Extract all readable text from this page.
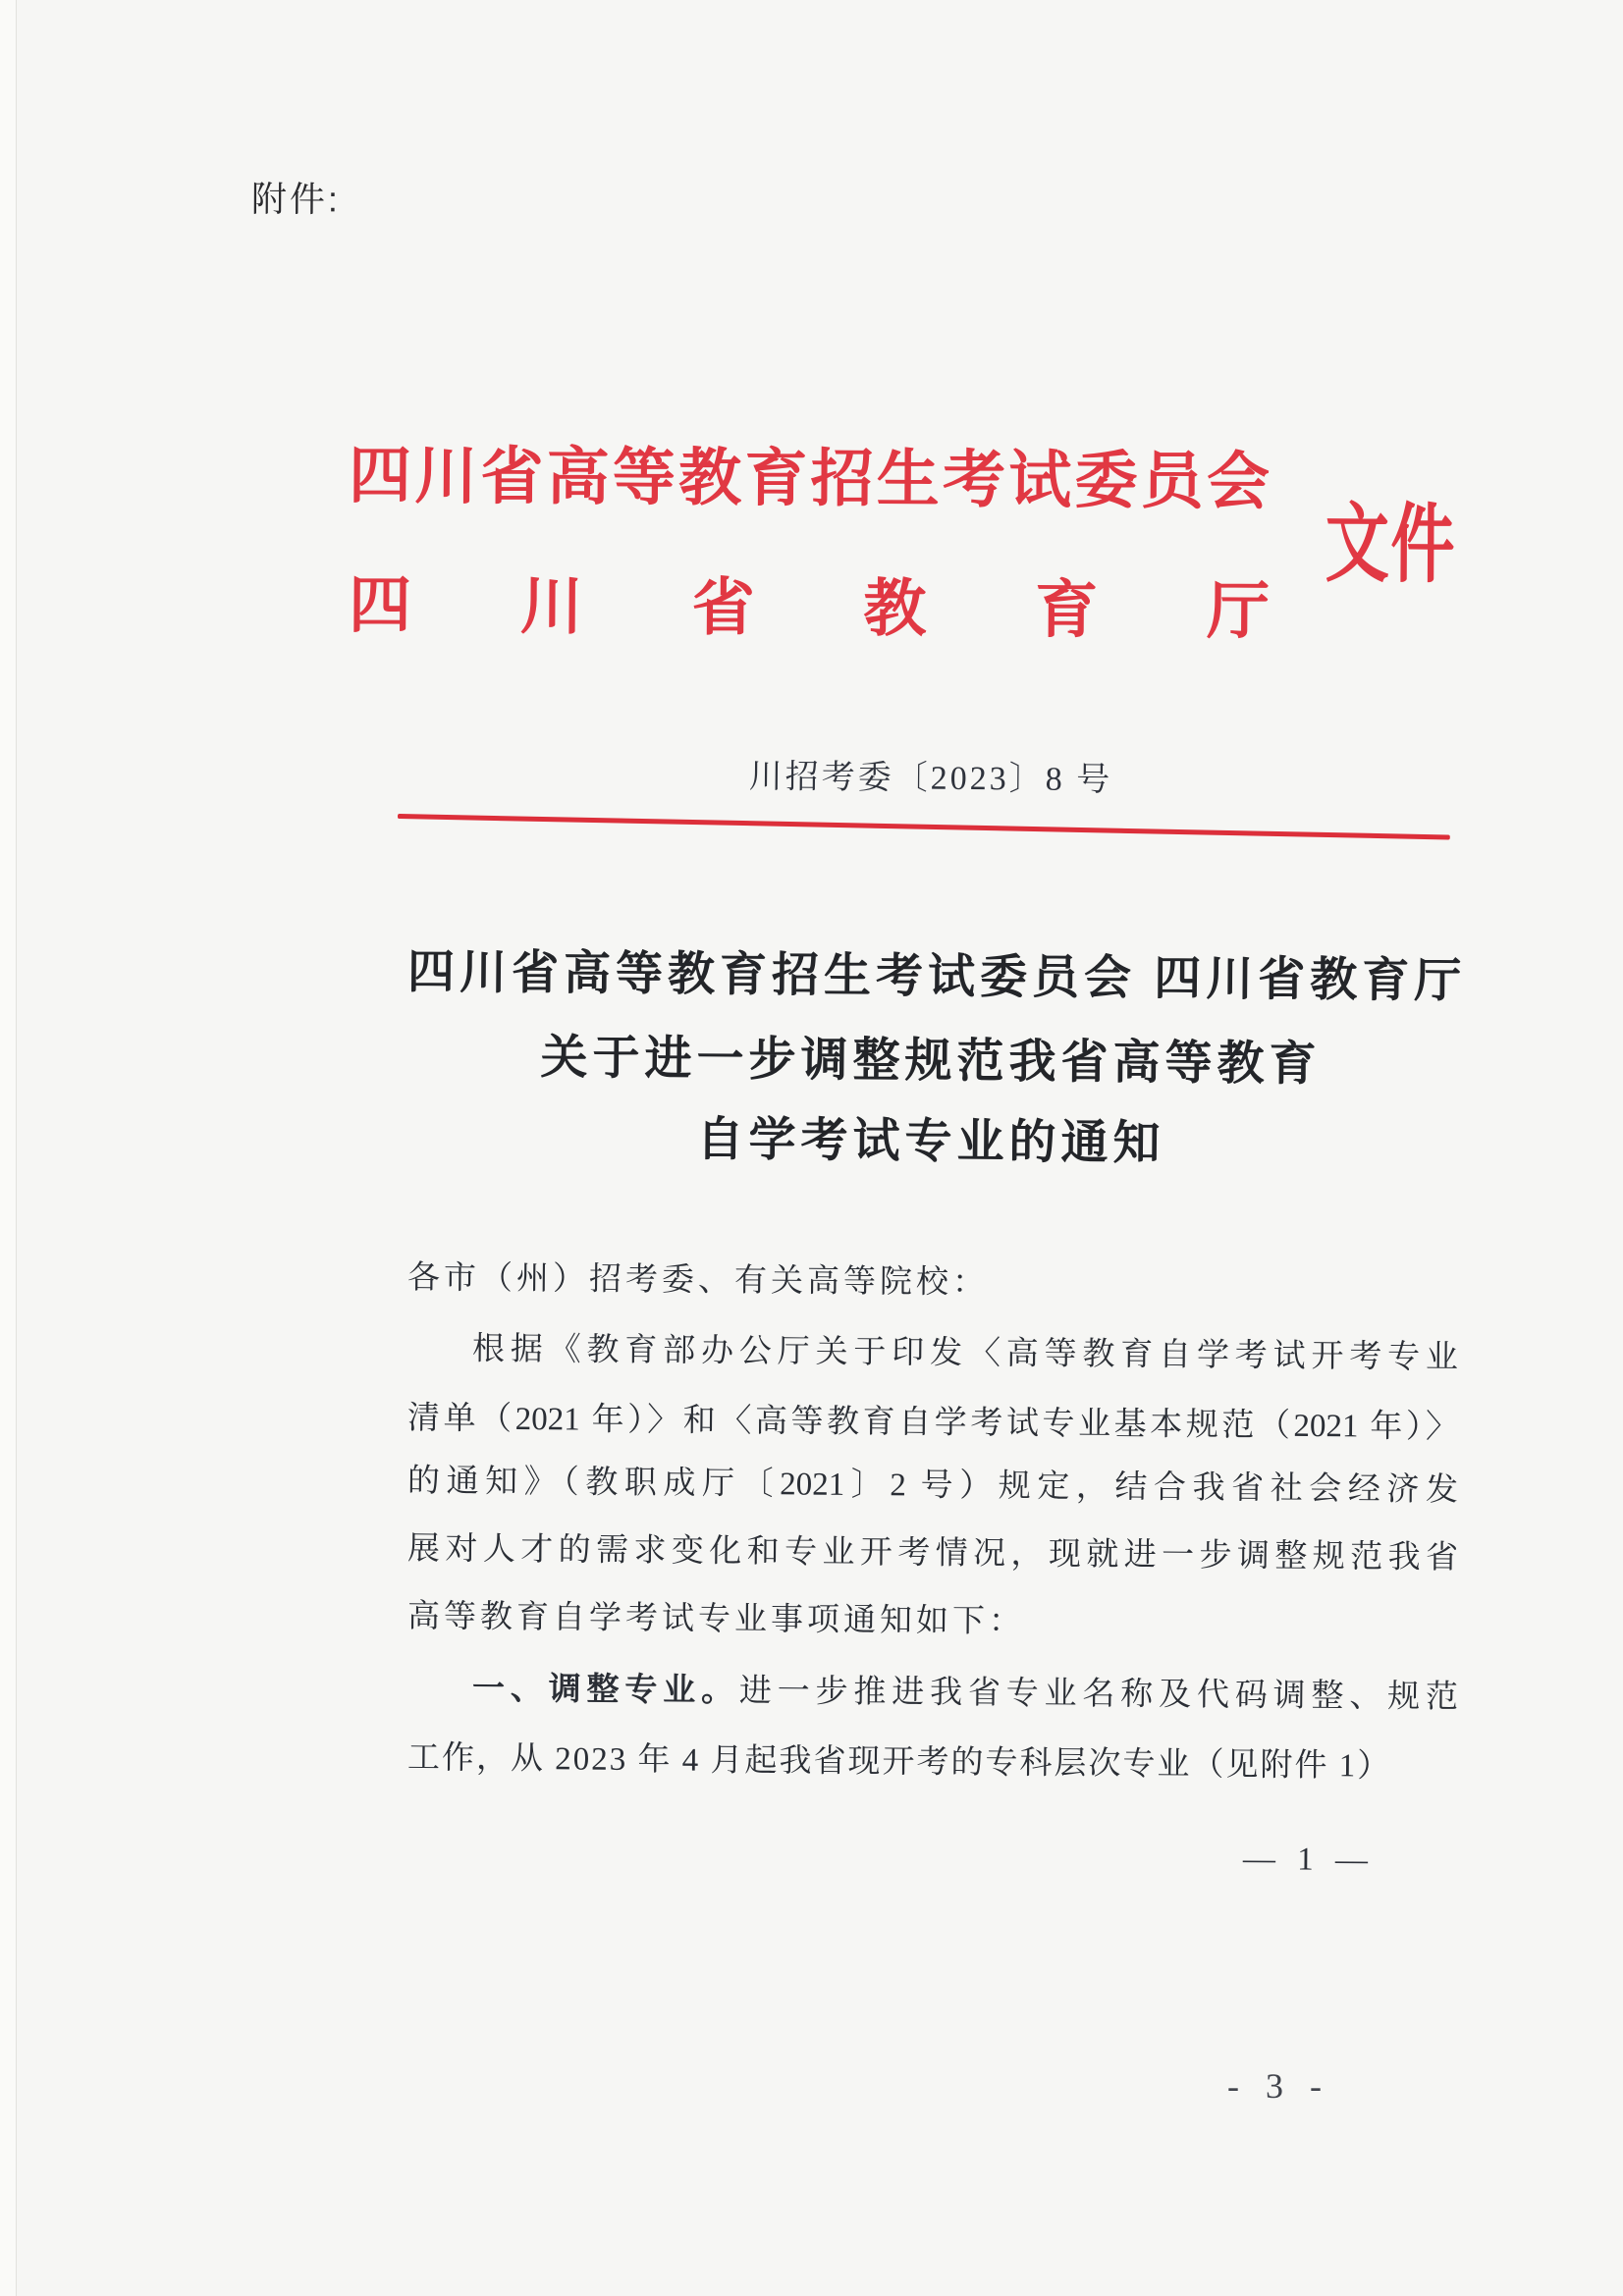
附件:
四川省高等教育招生考试委员会
四川省教育厅
文件
川招考委〔2023〕8 号
四川省高等教育招生考试委员会 四川省教育厅
关于进一步调整规范我省高等教育
自学考试专业的通知
各市（州）招考委、有关高等院校：
根据《教育部办公厅关于印发〈高等教育自学考试开考专业
清单（2021 年）〉和〈高等教育自学考试专业基本规范（2021 年）〉
的通知》（教职成厅〔2021〕2 号）规定，结合我省社会经济发
展对人才的需求变化和专业开考情况，现就进一步调整规范我省
高等教育自学考试专业事项通知如下：
一、调整专业。进一步推进我省专业名称及代码调整、规范
工作，从 2023 年 4 月起我省现开考的专科层次专业（见附件 1）
— 1 —
- 3 -
